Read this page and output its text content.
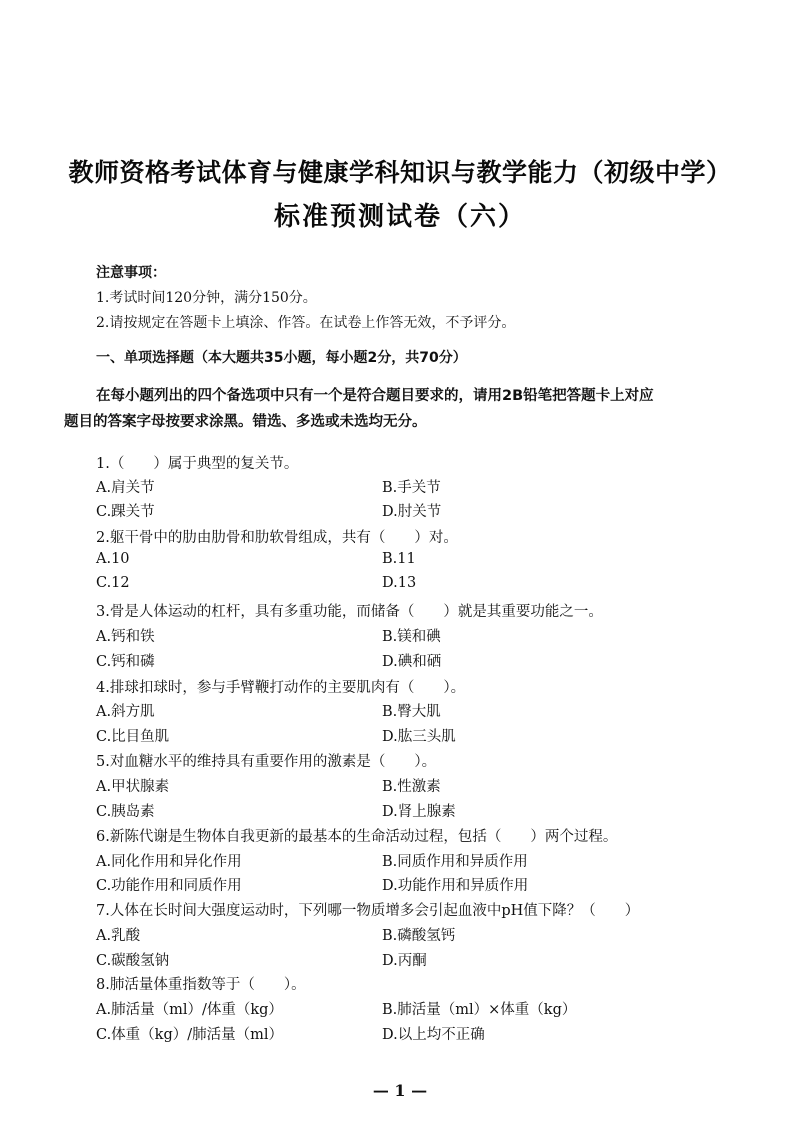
教师资格考试体育与健康学科知识与教学能力（初级中学）
标准预测试卷（六）
注意事项：
1.考试时间120分钟，满分150分。
2.请按规定在答题卡上填涂、作答。在试卷上作答无效，不予评分。
一、单项选择题（本大题共35小题，每小题2分，共70分）
在每小题列出的四个备选项中只有一个是符合题目要求的，请用2B铅笔把答题卡上对应
题目的答案字母按要求涂黑。错选、多选或未选均无分。
1.（　　）属于典型的复关节。
A.肩关节	B.手关节
C.踝关节	D.肘关节
2.躯干骨中的肋由肋骨和肋软骨组成，共有（　　）对。
A.10	B.11
C.12	D.13
3.骨是人体运动的杠杆，具有多重功能，而储备（　　）就是其重要功能之一。
A.钙和铁	B.镁和碘
C.钙和磷	D.碘和硒
4.排球扣球时，参与手臂鞭打动作的主要肌肉有（　　）。
A.斜方肌	B.臀大肌
C.比目鱼肌	D.肱三头肌
5.对血糖水平的维持具有重要作用的激素是（　　）。
A.甲状腺素	B.性激素
C.胰岛素	D.肾上腺素
6.新陈代谢是生物体自我更新的最基本的生命活动过程，包括（　　）两个过程。
A.同化作用和异化作用	B.同质作用和异质作用
C.功能作用和同质作用	D.功能作用和异质作用
7.人体在长时间大强度运动时，下列哪一物质增多会引起血液中pH值下降？（　　）
A.乳酸	B.磷酸氢钙
C.碳酸氢钠	D.丙酮
8.肺活量体重指数等于（　　）。
A.肺活量（ml）/体重（kg）	B.肺活量（ml）×体重（kg）
C.体重（kg）/肺活量（ml）	D.以上均不正确
— 1 —
